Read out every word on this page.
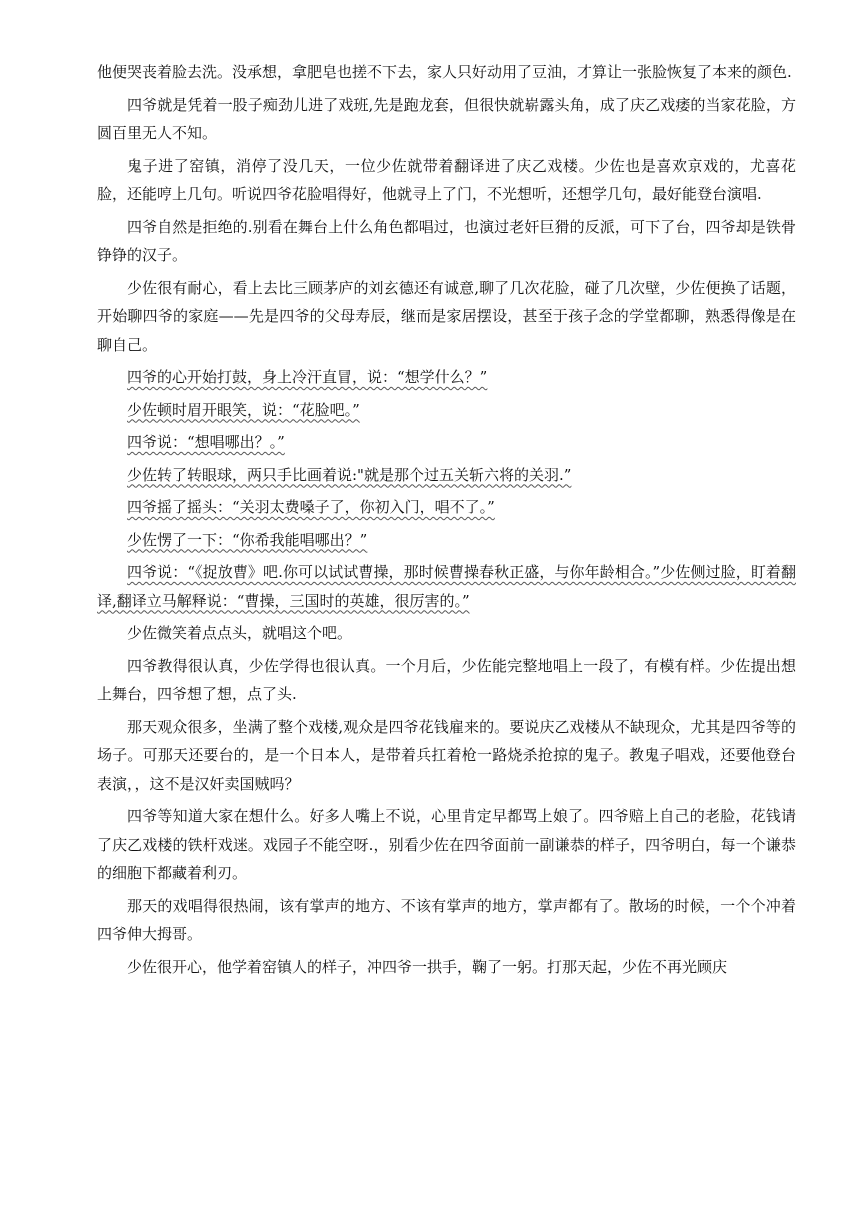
他便哭丧着脸去洗。没承想，拿肥皂也搓不下去，家人只好动用了豆油，才算让一张脸恢复了本来的颜色.

四爷就是凭着一股子痴劲儿进了戏班,先是跑龙套，但很快就崭露头角，成了庆乙戏痿的当家花脸，方圆百里无人不知。

鬼子进了窑镇，消停了没几天，一位少佐就带着翻译进了庆乙戏楼。少佐也是喜欢京戏的，尤喜花脸，还能哼上几句。听说四爷花脸唱得好，他就寻上了门，不光想听，还想学几句，最好能登台演唱.

四爷自然是拒绝的.别看在舞台上什么角色都唱过，也演过老奸巨猾的反派，可下了台，四爷却是铁骨铮铮的汉子。

少佐很有耐心，看上去比三顾茅庐的刘玄德还有诚意,聊了几次花脸，碰了几次壁，少佐便换了话题，开始聊四爷的家庭——先是四爷的父母寿辰，继而是家居摆设，甚至于孩子念的学堂都聊，熟悉得像是在聊自己。

四爷的心开始打鼓，身上冷汗直冒，说：“想学什么？”

少佐顿时眉开眼笑，说：“花脸吧。”

四爷说：“想唱哪出？。”

少佐转了转眼球，两只手比画着说:"就是那个过五关斩六将的关羽.”

四爷摇了摇头：“关羽太费嗓子了，你初入门，唱不了。”

少佐愣了一下：“你希我能唱哪出？”

四爷说：“《捉放曹》吧.你可以试试曹操，那时候曹操春秋正盛，与你年龄相合。”少佐侧过脸，盯着翻译,翻译立马解释说：“曹操，三国时的英雄，很厉害的。”

少佐微笑着点点头，就唱这个吧。

四爷教得很认真，少佐学得也很认真。一个月后，少佐能完整地唱上一段了，有模有样。少佐提出想上舞台，四爷想了想，点了头.

那天观众很多，坐满了整个戏楼,观众是四爷花钱雇来的。要说庆乙戏楼从不缺现众，尤其是四爷等的场子。可那天还要台的，是一个日本人，是带着兵扛着枪一路烧杀抢掠的鬼子。教鬼子唱戏，还要他登台表演，，这不是汉奸卖国贼吗？

四爷等知道大家在想什么。好多人嘴上不说，心里肯定早都骂上娘了。四爷赔上自己的老脸，花钱请了庆乙戏楼的铁杆戏迷。戏园子不能空呀.，别看少佐在四爷面前一副谦恭的样子，四爷明白，每一个谦恭的细胞下都藏着利刃。

那天的戏唱得很热闹，该有掌声的地方、不该有掌声的地方，掌声都有了。散场的时候，一个个冲着四爷伸大拇哥。

少佐很开心，他学着窑镇人的样子，冲四爷一拱手，鞠了一躬。打那天起，少佐不再光顾庆
